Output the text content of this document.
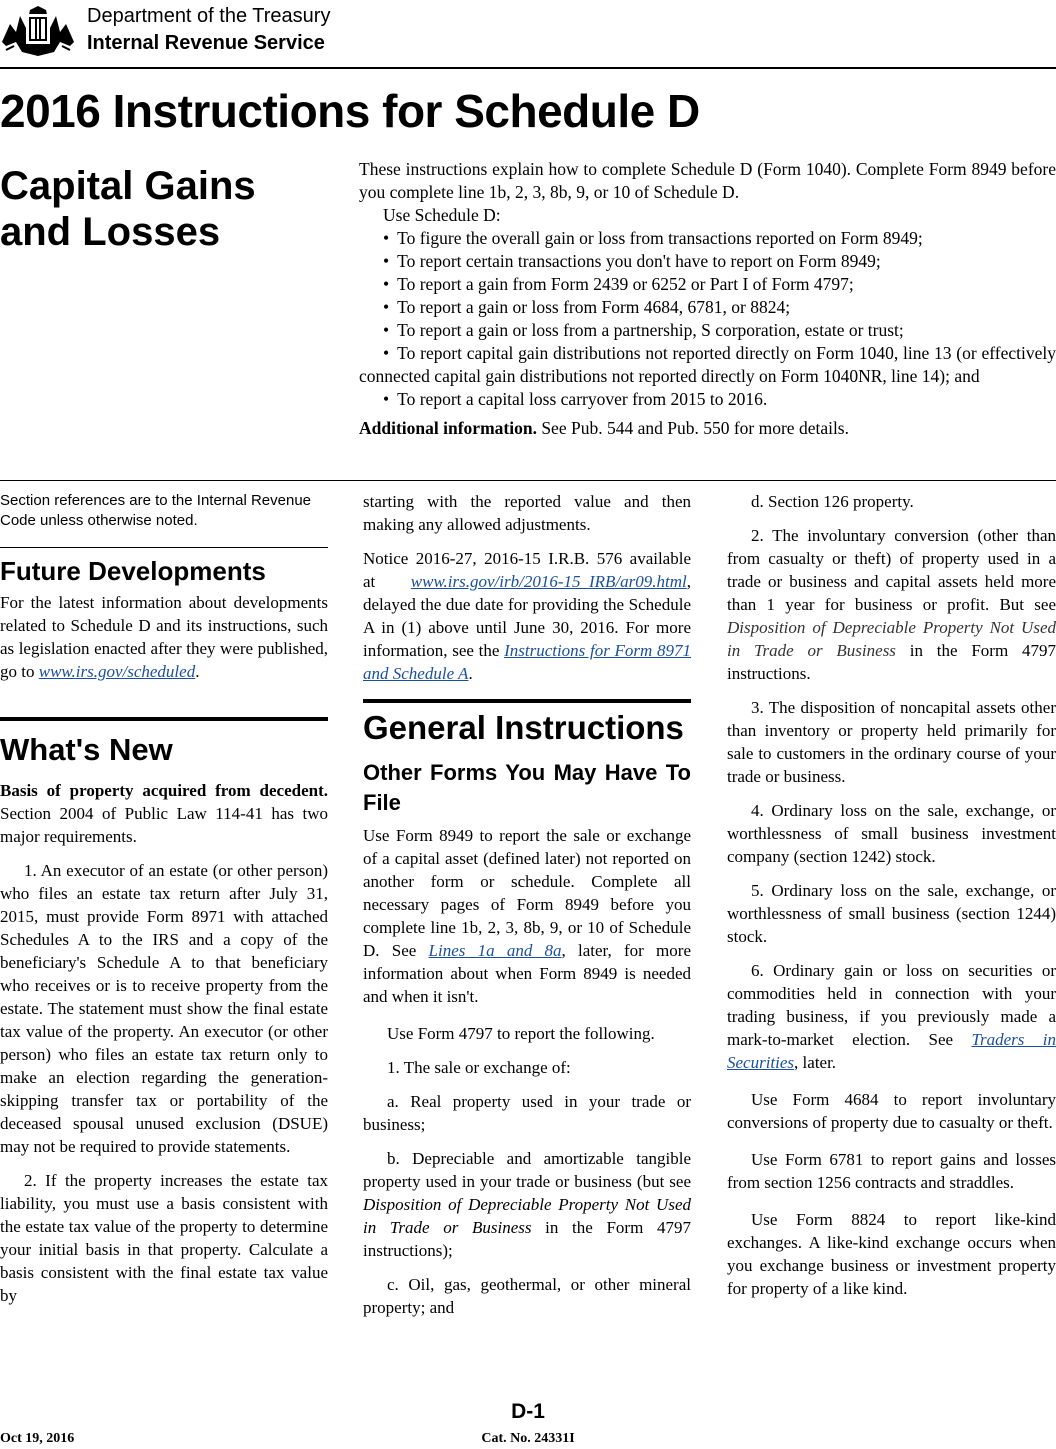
Department of the Treasury
Internal Revenue Service
2016 Instructions for Schedule D
Capital Gains and Losses

These instructions explain how to complete Schedule D (Form 1040). Complete Form 8949 before you complete line 1b, 2, 3, 8b, 9, or 10 of Schedule D.

Use Schedule D:

• To figure the overall gain or loss from transactions reported on Form 8949;
• To report certain transactions you don't have to report on Form 8949;
• To report a gain from Form 2439 or 6252 or Part I of Form 4797;
• To report a gain or loss from Form 4684, 6781, or 8824;
• To report a gain or loss from a partnership, S corporation, estate or trust;
• To report capital gain distributions not reported directly on Form 1040, line 13 (or effectively connected capital gain distributions not reported directly on Form 1040NR, line 14); and
• To report a capital loss carryover from 2015 to 2016.

Additional information. See Pub. 544 and Pub. 550 for more details.

Section references are to the Internal Revenue Code unless otherwise noted.

Future Developments

For the latest information about developments related to Schedule D and its instructions, such as legislation enacted after they were published, go to www.irs.gov/scheduled.

What's New

Basis of property acquired from decedent. Section 2004 of Public Law 114-41 has two major requirements.

1. An executor of an estate (or other person) who files an estate tax return after July 31, 2015, must provide Form 8971 with attached Schedules A to the IRS and a copy of the beneficiary's Schedule A to that beneficiary who receives or is to receive property from the estate. The statement must show the final estate tax value of the property. An executor (or other person) who files an estate tax return only to make an election regarding the generation-skipping transfer tax or portability of the deceased spousal unused exclusion (DSUE) may not be required to provide statements.

2. If the property increases the estate tax liability, you must use a basis consistent with the estate tax value of the property to determine your initial basis in that property. Calculate a basis consistent with the final estate tax value by

starting with the reported value and then making any allowed adjustments.

Notice 2016-27, 2016-15 I.R.B. 576 available at www.irs.gov/irb/2016-15_IRB/ar09.html, delayed the due date for providing the Schedule A in (1) above until June 30, 2016. For more information, see the Instructions for Form 8971 and Schedule A.

General Instructions
Other Forms You May Have To File

Use Form 8949 to report the sale or exchange of a capital asset (defined later) not reported on another form or schedule. Complete all necessary pages of Form 8949 before you complete line 1b, 2, 3, 8b, 9, or 10 of Schedule D. See Lines 1a and 8a, later, for more information about when Form 8949 is needed and when it isn't.

Use Form 4797 to report the following.

1. The sale or exchange of:

a. Real property used in your trade or business;

b. Depreciable and amortizable tangible property used in your trade or business (but see Disposition of Depreciable Property Not Used in Trade or Business in the Form 4797 instructions);

c. Oil, gas, geothermal, or other mineral property; and

d. Section 126 property.

2. The involuntary conversion (other than from casualty or theft) of property used in a trade or business and capital assets held more than 1 year for business or profit. But see Disposition of Depreciable Property Not Used in Trade or Business in the Form 4797 instructions.

3. The disposition of noncapital assets other than inventory or property held primarily for sale to customers in the ordinary course of your trade or business.

4. Ordinary loss on the sale, exchange, or worthlessness of small business investment company (section 1242) stock.

5. Ordinary loss on the sale, exchange, or worthlessness of small business (section 1244) stock.

6. Ordinary gain or loss on securities or commodities held in connection with your trading business, if you previously made a mark-to-market election. See Traders in Securities, later.

Use Form 4684 to report involuntary conversions of property due to casualty or theft.

Use Form 6781 to report gains and losses from section 1256 contracts and straddles.

Use Form 8824 to report like-kind exchanges. A like-kind exchange occurs when you exchange business or investment property for property of a like kind.

D-1
Oct 19, 2016	Cat. No. 24331I
